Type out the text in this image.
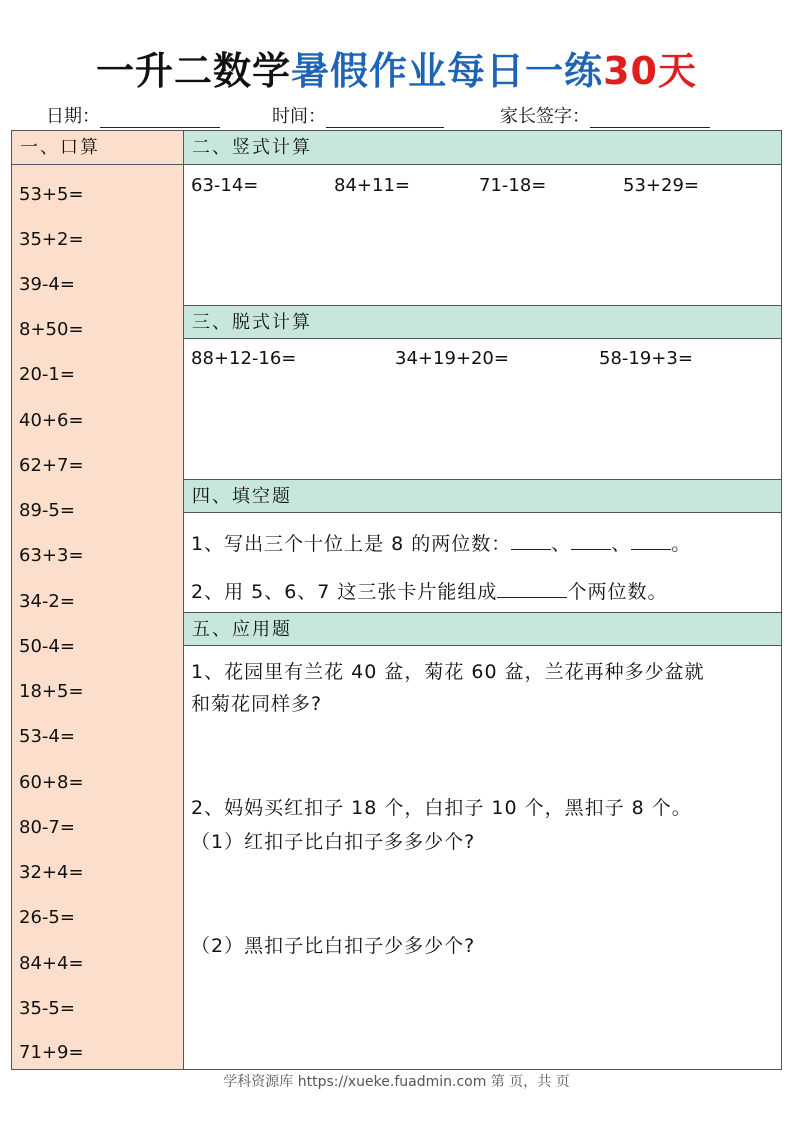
一升二数学暑假作业每日一练30天
日期：	时间：	家长签字：
一、口算
53+5=
35+2=
39-4=
8+50=
20-1=
40+6=
62+7=
89-5=
63+3=
34-2=
50-4=
18+5=
53-4=
60+8=
80-7=
32+4=
26-5=
84+4=
35-5=
71+9=
二、竖式计算
63-14=	84+11=	71-18=	53+29=
三、脱式计算
88+12-16=	34+19+20=	58-19+3=
四、填空题
1、写出三个十位上是 8 的两位数： 、 、 。
2、用 5、6、7 这三张卡片能组成	个两位数。
五、应用题
1、花园里有兰花 40 盆，菊花 60 盆，兰花再种多少盆就
和菊花同样多?
2、妈妈买红扣子 18 个，白扣子 10 个，黑扣子 8 个。
（1）红扣子比白扣子多多少个?
（2）黑扣子比白扣子少多少个?
学科资源库 https://xueke.fuadmin.com 第 页，共 页
